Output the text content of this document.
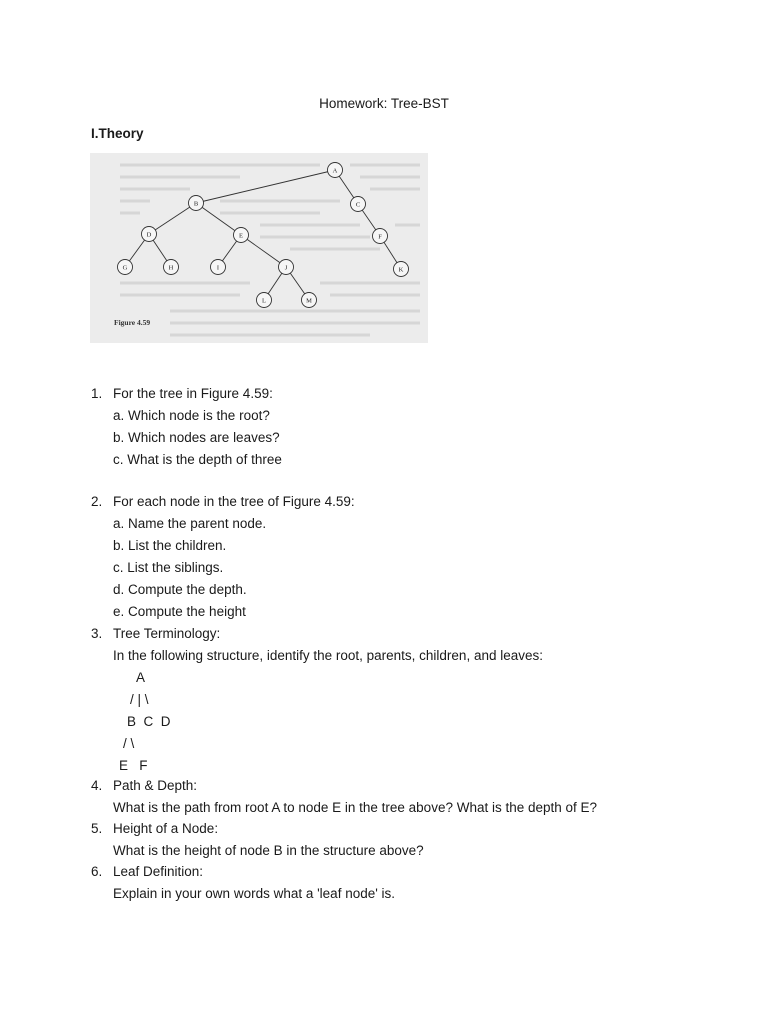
Homework: Tree-BST
I.Theory
A
B	C
D	E	F
G	H	I	J	K
L	M
Figure 4.59
1. For the tree in Figure 4.59:
a. Which node is the root?
b. Which nodes are leaves?
c. What is the depth of three
2. For each node in the tree of Figure 4.59:
a. Name the parent node.
b. List the children.
c. List the siblings.
d. Compute the depth.
e. Compute the height
3. Tree Terminology:
In the following structure, identify the root, parents, children, and leaves:
A
/ | \
B  C  D
/ \
E   F
4. Path & Depth:
What is the path from root A to node E in the tree above? What is the depth of E?
5. Height of a Node:
What is the height of node B in the structure above?
6. Leaf Definition:
Explain in your own words what a 'leaf node' is.
